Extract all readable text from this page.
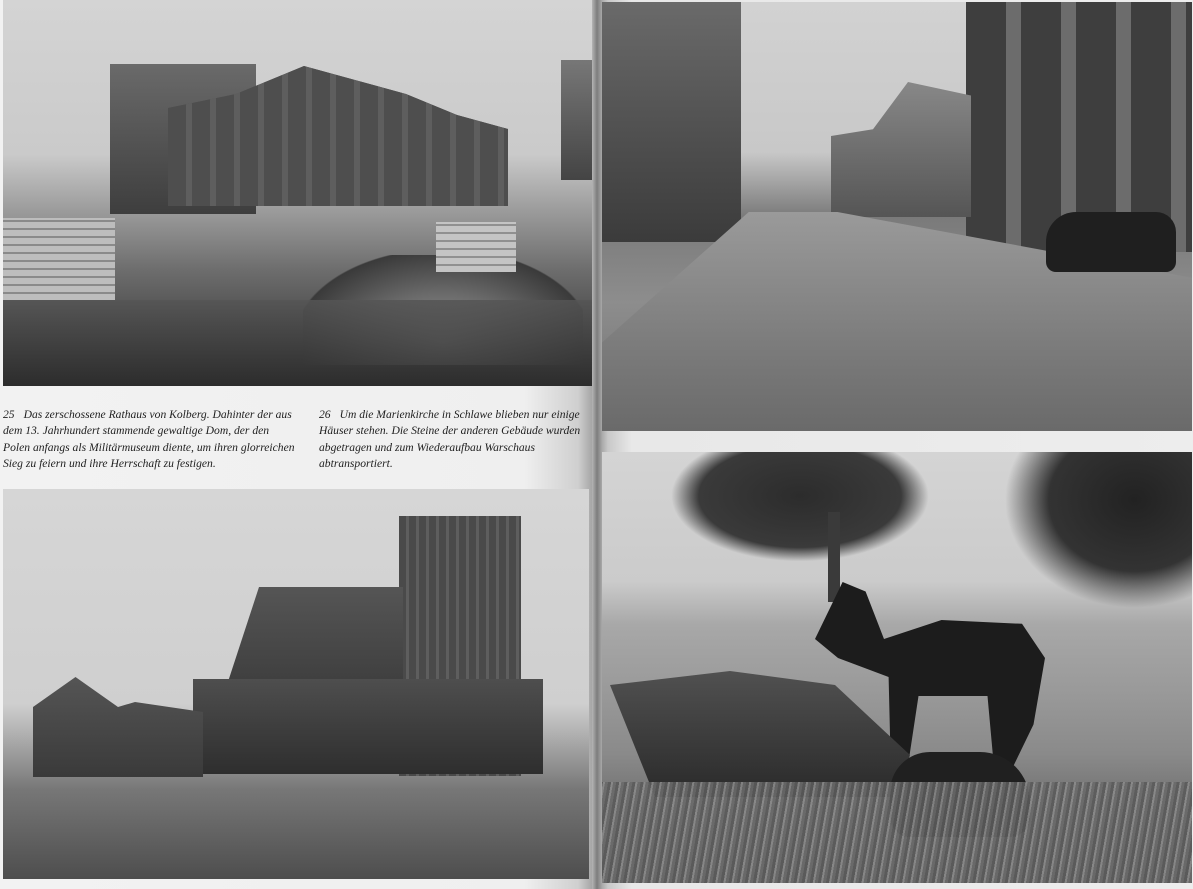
25 Das zerschossene Rathaus von Kolberg. Dahinter der aus dem 13. Jahrhundert stammende gewaltige Dom, der den Polen anfangs als Militärmuseum diente, um ihren glorreichen Sieg zu feiern und ihre Herrschaft zu festigen.
26 Um die Marienkirche in Schlawe blieben nur einige Häuser stehen. Die Steine der anderen Gebäude wurden abgetragen und zum Wiederaufbau Warschaus abtransportiert.
